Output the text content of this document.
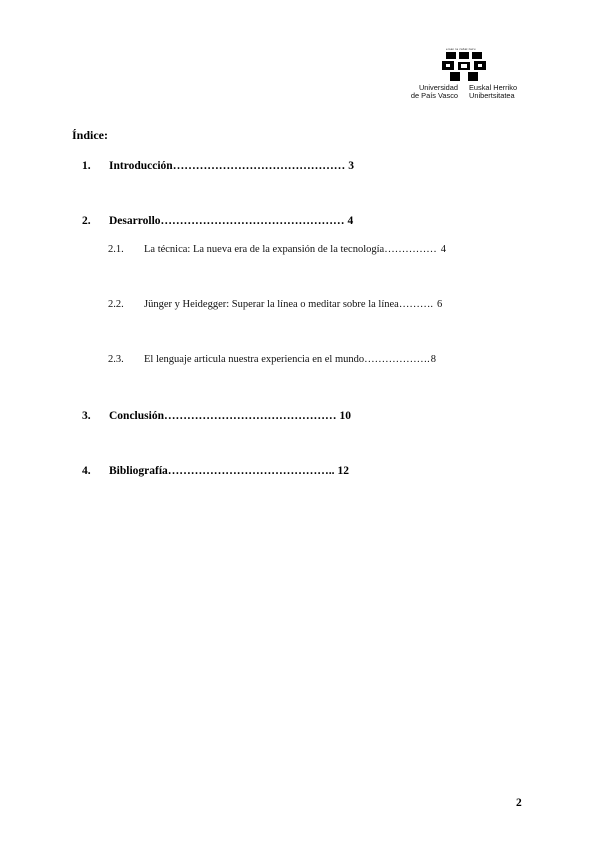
eman ta zabal zazu
Universidad
de País Vasco
Euskal Herriko
Unibertsitatea
Índice:
1.	Introducción ……………………………………… 3
2.	Desarrollo ………………………………………… 4
2.1.	La técnica: La nueva era de la expansión de la tecnología …………… 4
2.2.	Jünger y Heidegger: Superar la línea o meditar sobre la línea ………. 6
2.3.	El lenguaje articula nuestra experiencia en el mundo ………………. 8
3.	Conclusión ……………………………………… 10
4.	Bibliografía …………………………………….. 12
2
